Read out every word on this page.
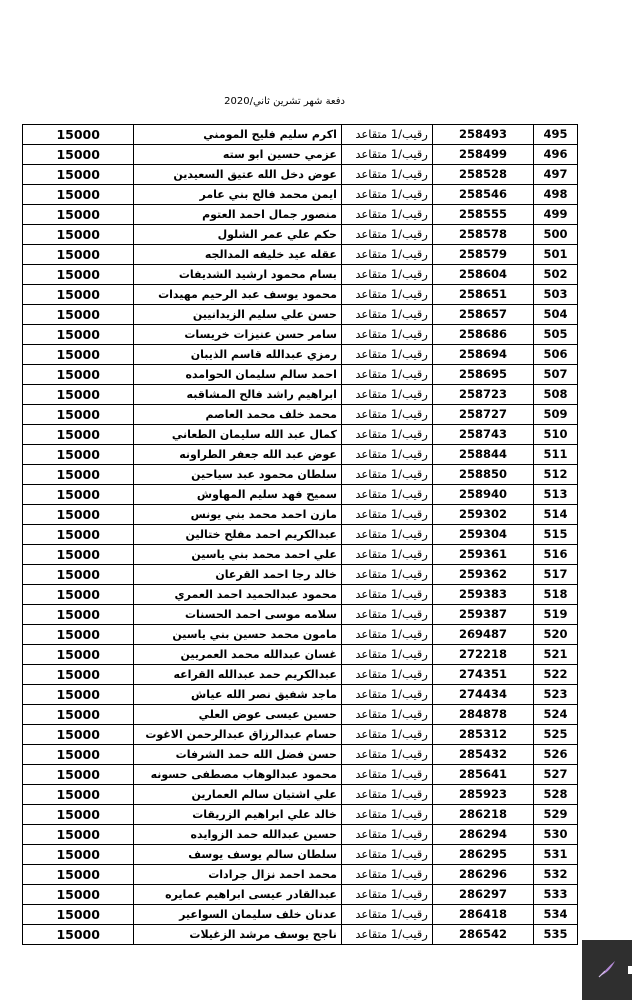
دفعة شهر تشرين ثاني/2020
495	258493	رقيب/1 متقاعد	اكرم سليم فليح المومني	15000
496	258499	رقيب/1 متقاعد	عزمي حسين ابو سته	15000
497	258528	رقيب/1 متقاعد	عوض دخل الله عتيق السعيدين	15000
498	258546	رقيب/1 متقاعد	ايمن محمد فالح بني عامر	15000
499	258555	رقيب/1 متقاعد	منصور جمال احمد العتوم	15000
500	258578	رقيب/1 متقاعد	حكم علي عمر الشلول	15000
501	258579	رقيب/1 متقاعد	عقله عيد خليفه المدالجه	15000
502	258604	رقيب/1 متقاعد	بسام محمود ارشيد الشديفات	15000
503	258651	رقيب/1 متقاعد	محمود يوسف عبد الرحيم مهيدات	15000
504	258657	رقيب/1 متقاعد	حسن علي سليم الزيدانيين	15000
505	258686	رقيب/1 متقاعد	سامر حسن عنيزات خريسات	15000
506	258694	رقيب/1 متقاعد	رمزي عبدالله قاسم الذيبان	15000
507	258695	رقيب/1 متقاعد	احمد سالم سليمان الحوامده	15000
508	258723	رقيب/1 متقاعد	ابراهيم راشد فالح المشاقبه	15000
509	258727	رقيب/1 متقاعد	محمد خلف محمد العاصم	15000
510	258743	رقيب/1 متقاعد	كمال عبد الله سليمان الطعاني	15000
511	258844	رقيب/1 متقاعد	عوض عبد الله جعفر الطراونه	15000
512	258850	رقيب/1 متقاعد	سلطان محمود عبد سياحين	15000
513	258940	رقيب/1 متقاعد	سميح فهد سليم المهاوش	15000
514	259302	رقيب/1 متقاعد	مازن احمد محمد بني يونس	15000
515	259304	رقيب/1 متقاعد	عبدالكريم احمد مفلح ختالين	15000
516	259361	رقيب/1 متقاعد	علي احمد محمد بني ياسين	15000
517	259362	رقيب/1 متقاعد	خالد رجا احمد القرعان	15000
518	259383	رقيب/1 متقاعد	محمود عبدالحميد احمد العمري	15000
519	259387	رقيب/1 متقاعد	سلامه موسى احمد الحسنات	15000
520	269487	رقيب/1 متقاعد	مامون محمد حسين بني ياسين	15000
521	272218	رقيب/1 متقاعد	غسان عبدالله محمد العمريين	15000
522	274351	رقيب/1 متقاعد	عبدالكريم حمد عبدالله القراعه	15000
523	274434	رقيب/1 متقاعد	ماجد شفيق نصر الله عياش	15000
524	284878	رقيب/1 متقاعد	حسين عيسى عوض العلي	15000
525	285312	رقيب/1 متقاعد	حسام عبدالرزاق عبدالرحمن الاغوت	15000
526	285432	رقيب/1 متقاعد	حسن فضل الله حمد الشرفات	15000
527	285641	رقيب/1 متقاعد	محمود عبدالوهاب مصطفى حسونه	15000
528	285923	رقيب/1 متقاعد	علي اشتيان سالم العمارين	15000
529	286218	رقيب/1 متقاعد	خالد علي ابراهيم الزريقات	15000
530	286294	رقيب/1 متقاعد	حسين عبدالله حمد الزوايده	15000
531	286295	رقيب/1 متقاعد	سلطان سالم يوسف يوسف	15000
532	286296	رقيب/1 متقاعد	محمد احمد نزال جرادات	15000
533	286297	رقيب/1 متقاعد	عبدالقادر عيسى ابراهيم عمايره	15000
534	286418	رقيب/1 متقاعد	عدنان خلف سليمان السواعير	15000
535	286542	رقيب/1 متقاعد	ناجح يوسف مرشد الزغيلات	15000
